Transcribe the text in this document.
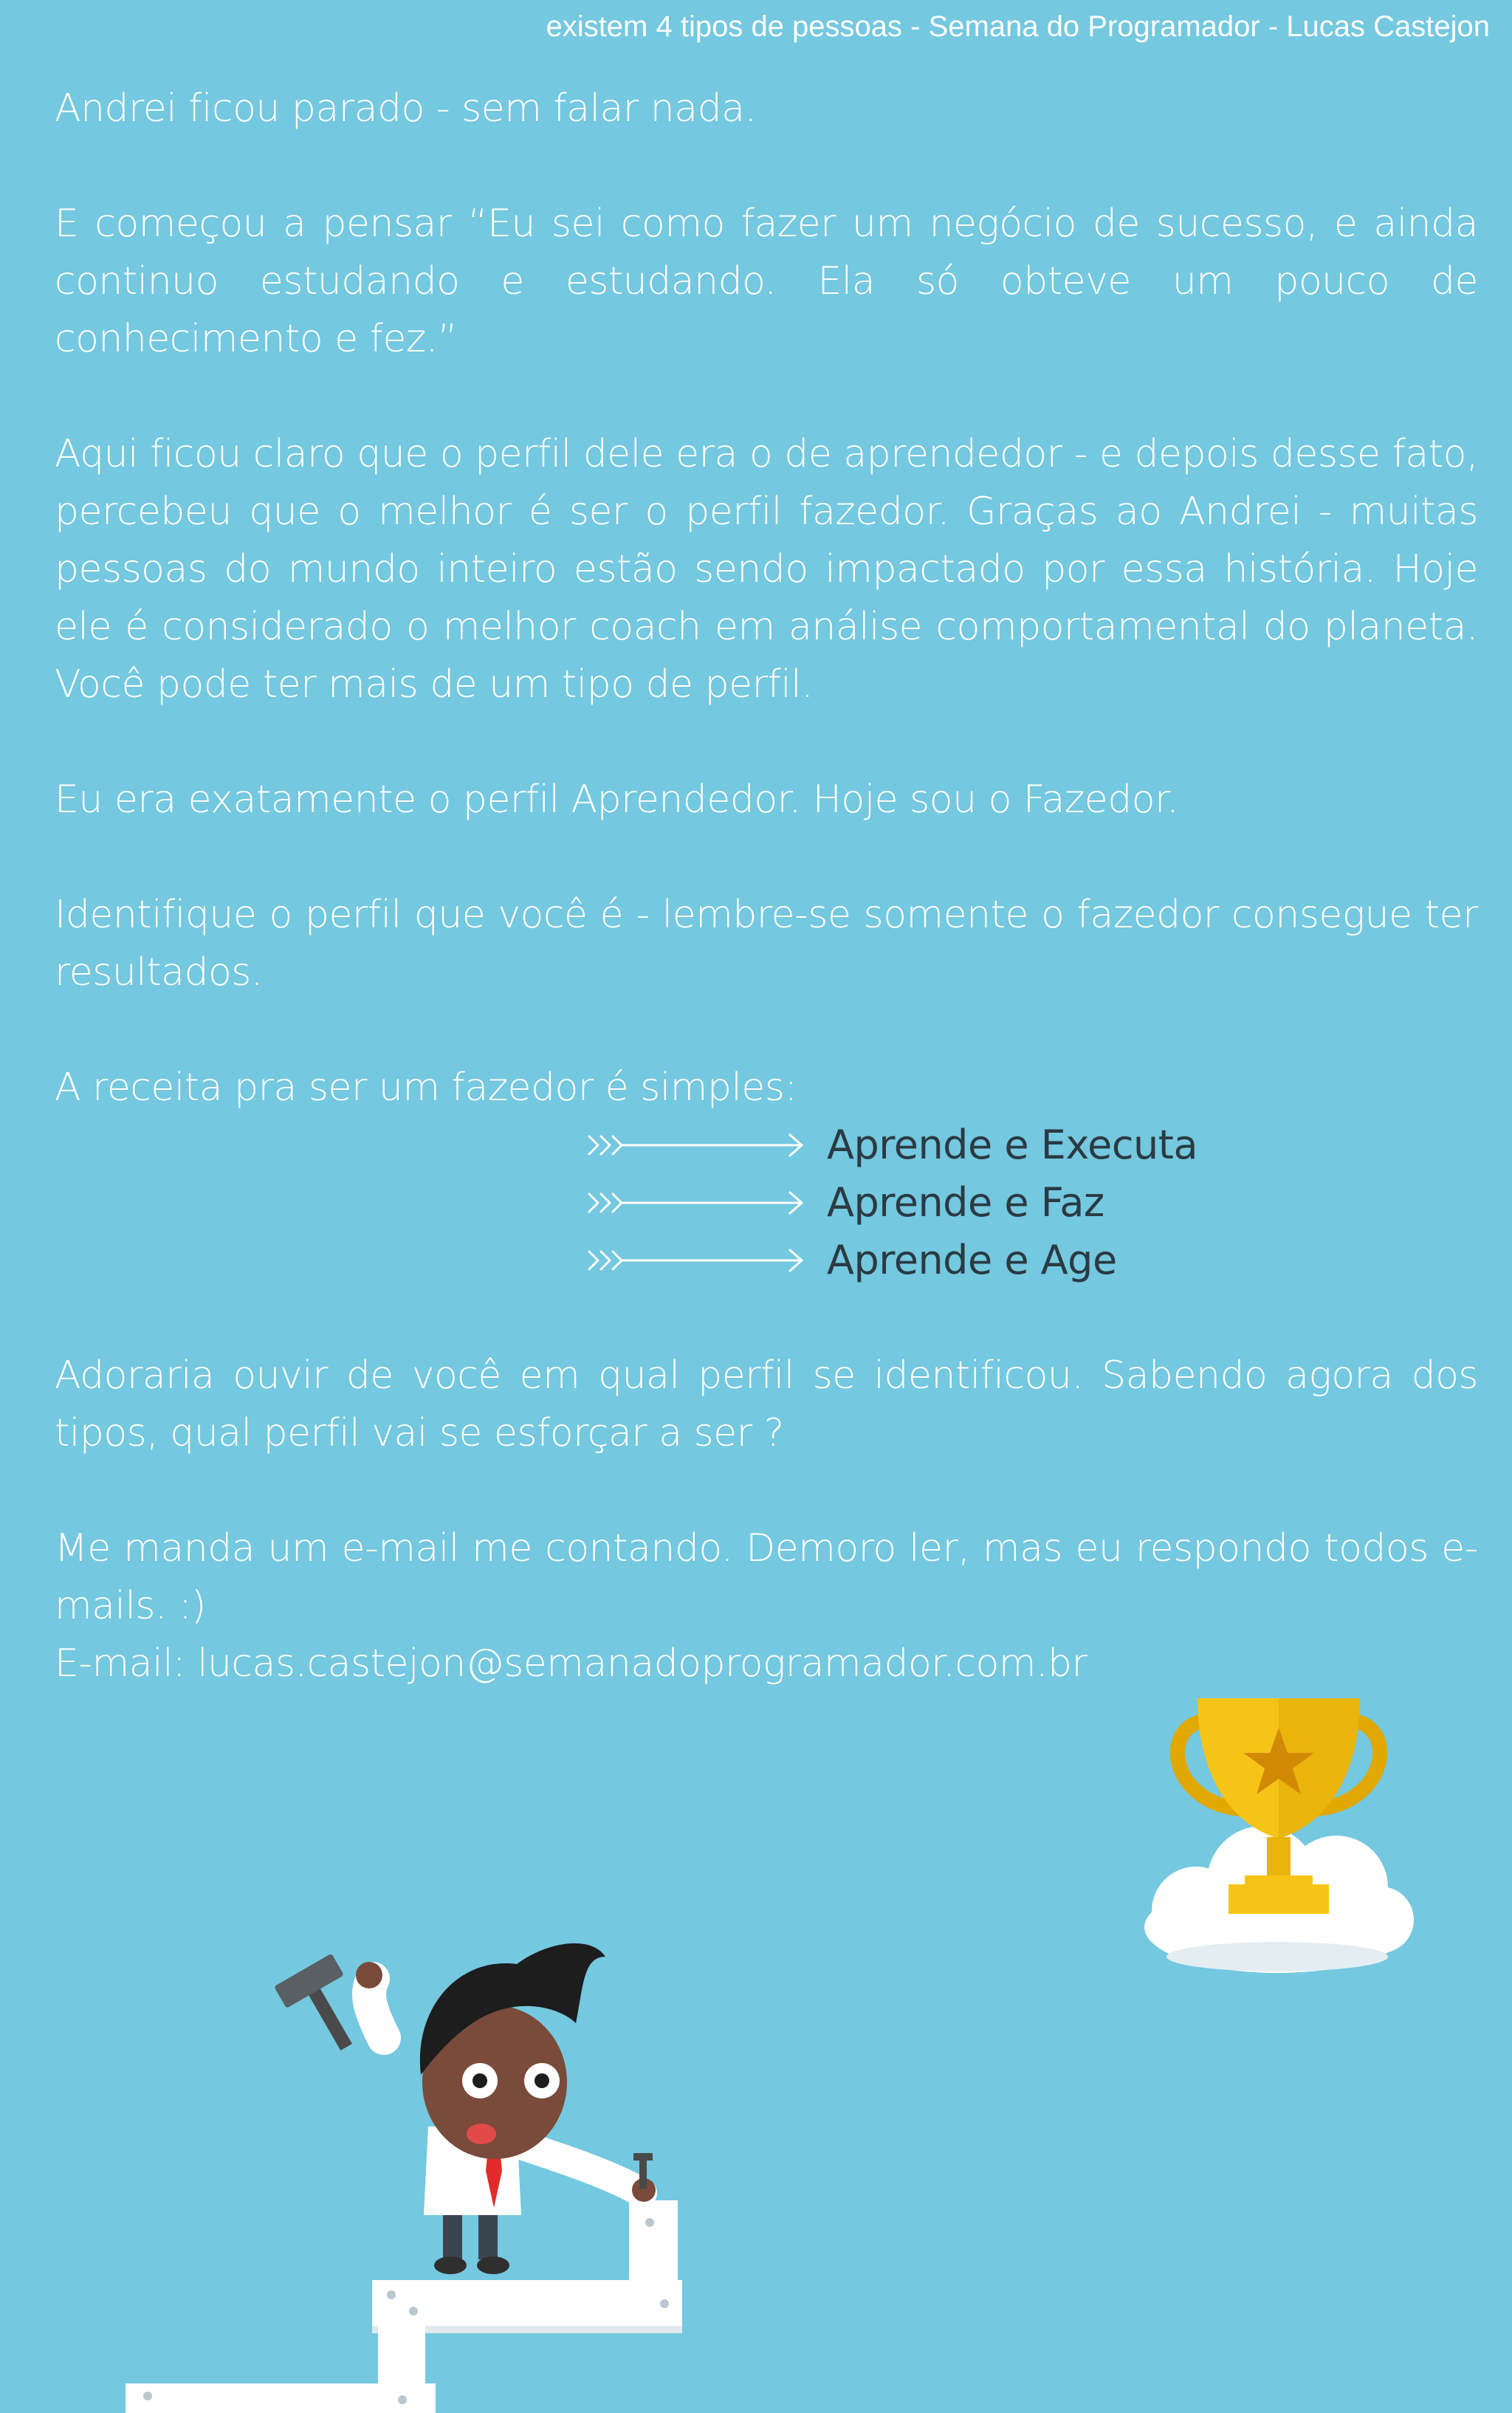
existem 4 tipos de pessoas - Semana do Programador - Lucas Castejon

Andrei ficou parado - sem falar nada.

E começou a pensar “Eu sei como fazer um negócio de sucesso, e ainda continuo estudando e estudando. Ela só obteve um pouco de conhecimento e fez.”

Aqui ficou claro que o perfil dele era o de aprendedor - e depois desse fato, percebeu que o melhor é ser o perfil fazedor. Graças ao Andrei - muitas pessoas do mundo inteiro estão sendo impactado por essa história. Hoje ele é considerado o melhor coach em análise comportamental do planeta. Você pode ter mais de um tipo de perfil.

Eu era exatamente o perfil Aprendedor. Hoje sou o Fazedor.

Identifique o perfil que você é - lembre-se somente o fazedor consegue ter resultados.

A receita pra ser um fazedor é simples:

Aprende e Executa
Aprende e Faz
Aprende e Age

Adoraria ouvir de você em qual perfil se identificou. Sabendo agora dos tipos, qual perfil vai se esforçar a ser ?

Me manda um e-mail me contando. Demoro ler, mas eu respondo todos e-mails. :)

E-mail: lucas.castejon@semanadoprogramador.com.br
